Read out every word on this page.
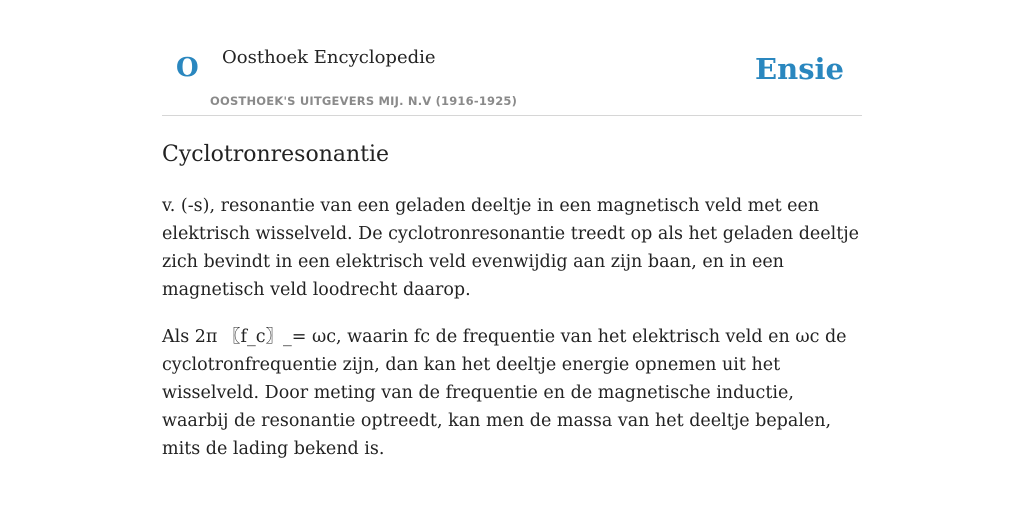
O Oosthoek Encyclopedie
OOSTHOEK'S UITGEVERS MIJ. N.V (1916-1925)
Ensie
Cyclotronresonantie

v. (-s), resonantie van een geladen deeltje in een magnetisch veld met een elektrisch wisselveld. De cyclotronresonantie treedt op als het geladen deeltje zich bevindt in een elektrisch veld evenwijdig aan zijn baan, en in een magnetisch veld loodrecht daarop.

Als 2π 〖f_c〗_= ωc, waarin fc de frequentie van het elektrisch veld en ωc de cyclotronfrequentie zijn, dan kan het deeltje energie opnemen uit het wisselveld. Door meting van de frequentie en de magnetische inductie, waarbij de resonantie optreedt, kan men de massa van het deeltje bepalen, mits de lading bekend is.
